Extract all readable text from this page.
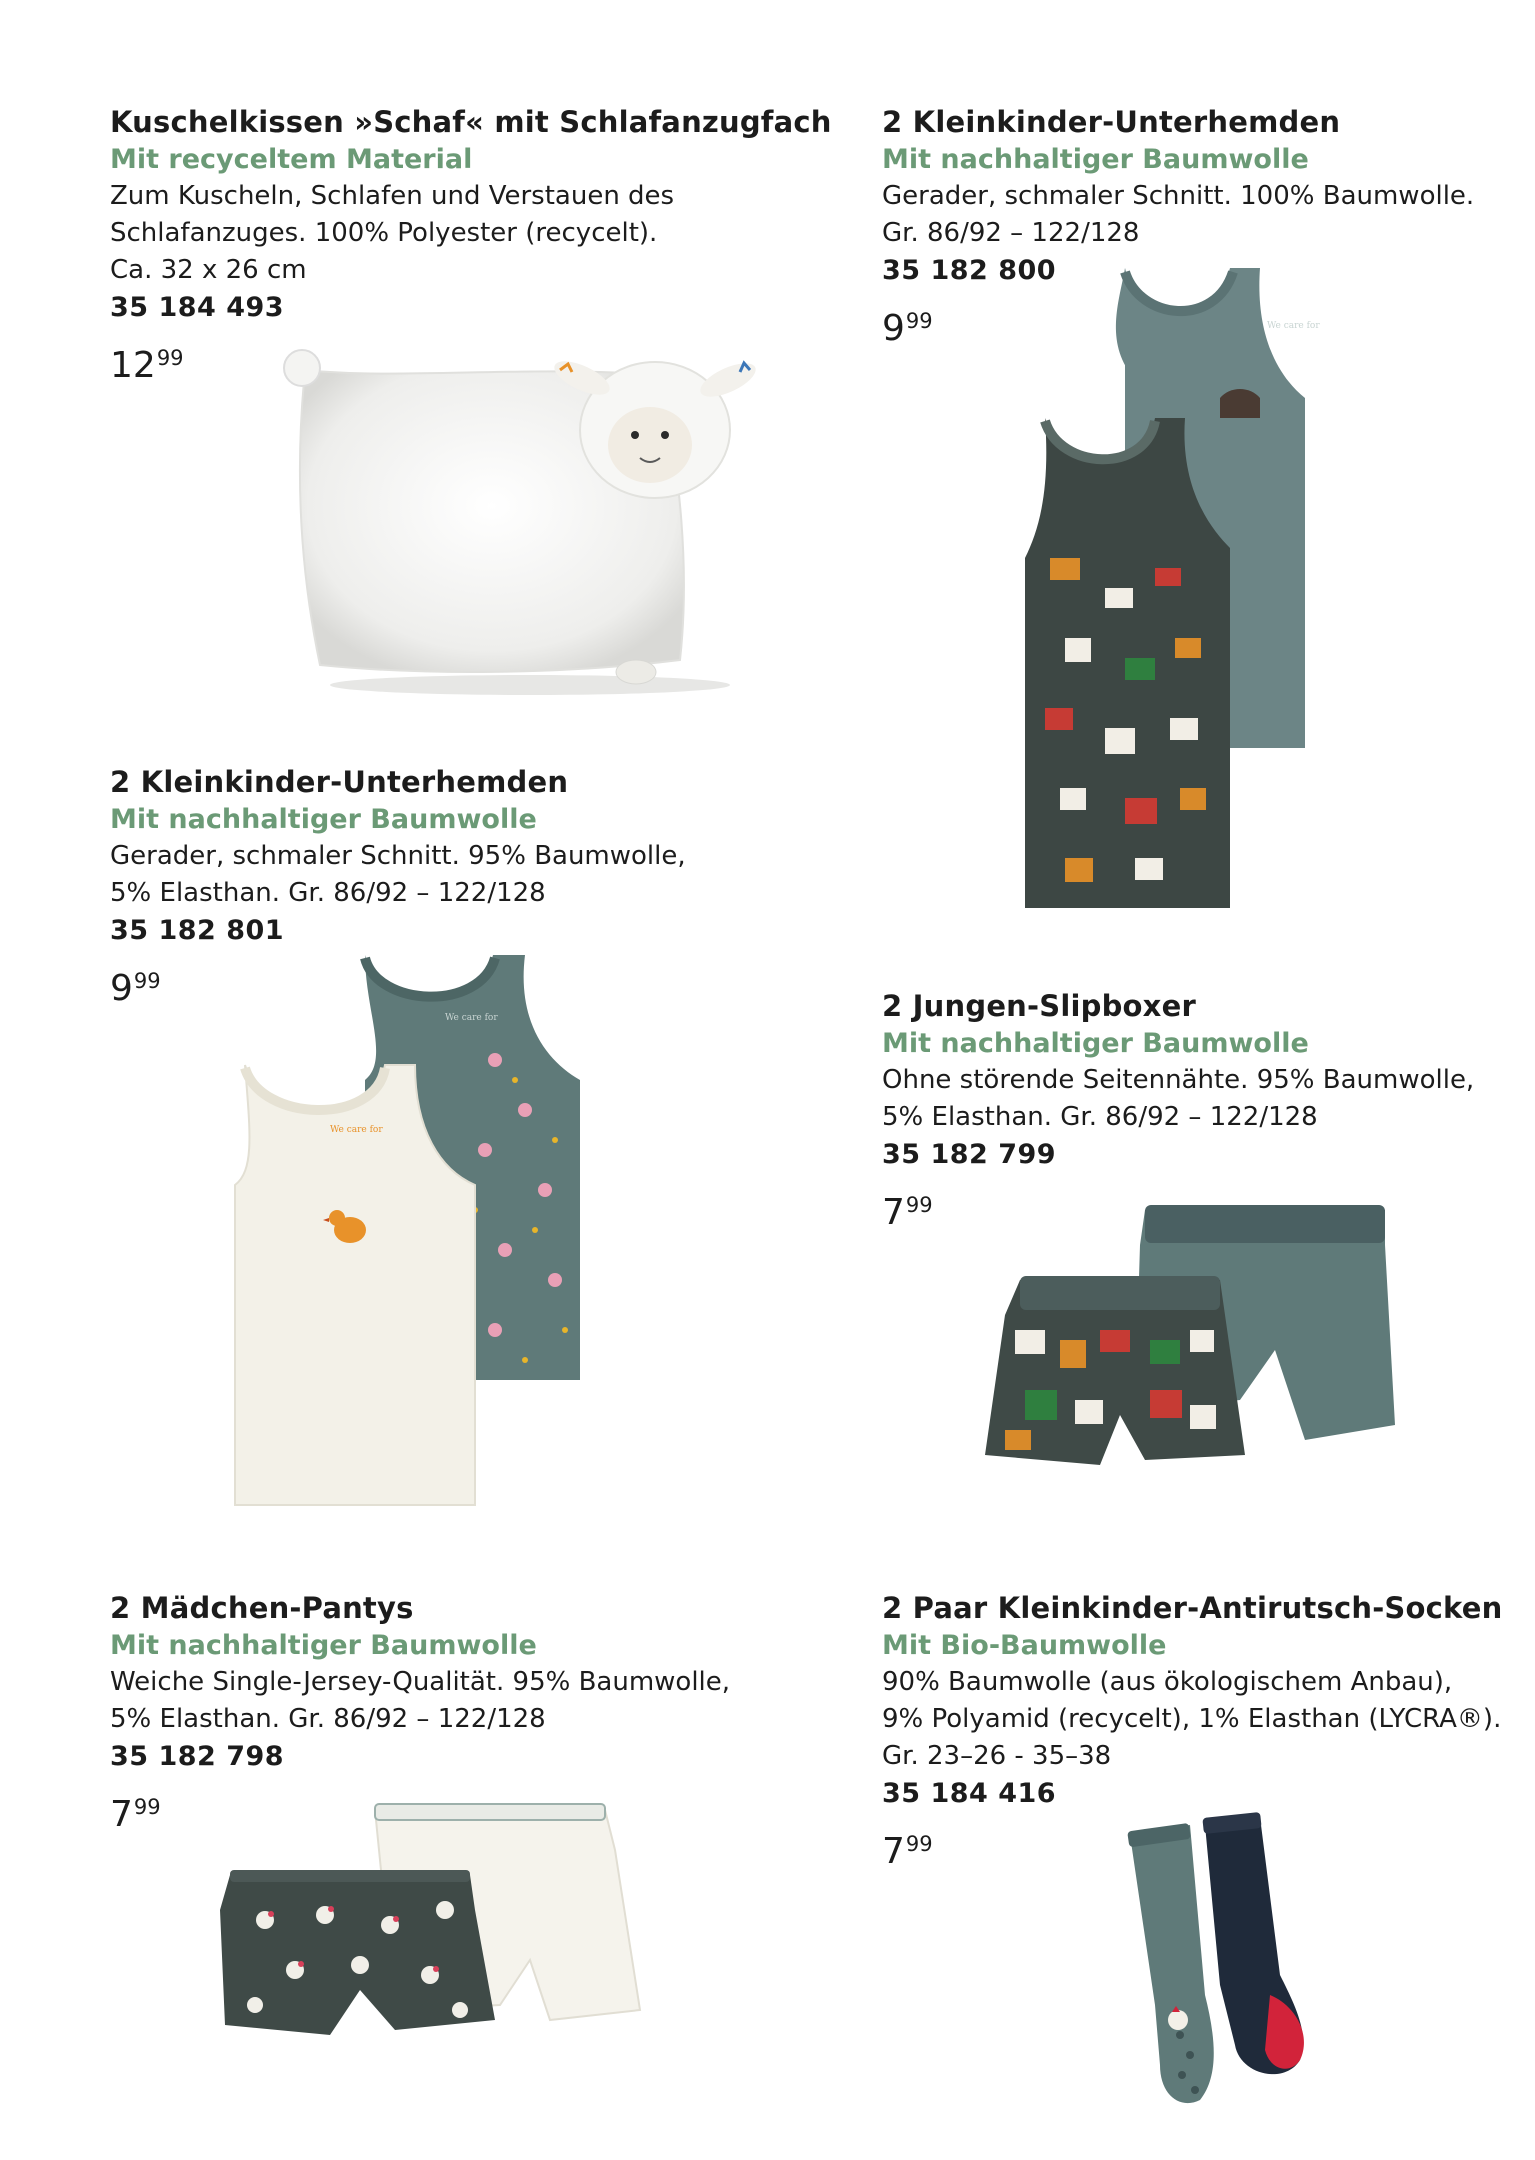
Kuschelkissen »Schaf« mit Schlafanzugfach
Mit recyceltem Material
Zum Kuscheln, Schlafen und Verstauen des
Schlafanzuges. 100% Polyester (recycelt).
Ca. 32 x 26 cm
35 184 493
$12^{99}$
2 Kleinkinder-Unterhemden
Mit nachhaltiger Baumwolle
Gerader, schmaler Schnitt. 100% Baumwolle.
Gr. 86/92 – 122/128
35 182 800
$9^{99}$	We care for
2 Kleinkinder-Unterhemden
Mit nachhaltiger Baumwolle
Gerader, schmaler Schnitt. 95% Baumwolle,
5% Elasthan. Gr. 86/92 – 122/128
35 182 801
$9^{99}$
We care for
We care for
2 Jungen-Slipboxer
Mit nachhaltiger Baumwolle
Ohne störende Seitennähte. 95% Baumwolle,
5% Elasthan. Gr. 86/92 – 122/128
35 182 799
$7^{99}$
2 Mädchen-Pantys
Mit nachhaltiger Baumwolle
Weiche Single-Jersey-Qualität. 95% Baumwolle,
5% Elasthan. Gr. 86/92 – 122/128
35 182 798
$7^{99}$
2 Paar Kleinkinder-Antirutsch-Socken
Mit Bio-Baumwolle
90% Baumwolle (aus ökologischem Anbau),
9% Polyamid (recycelt), 1% Elasthan (LYCRA®).
Gr. 23–26 - 35–38
35 184 416
$7^{99}$
